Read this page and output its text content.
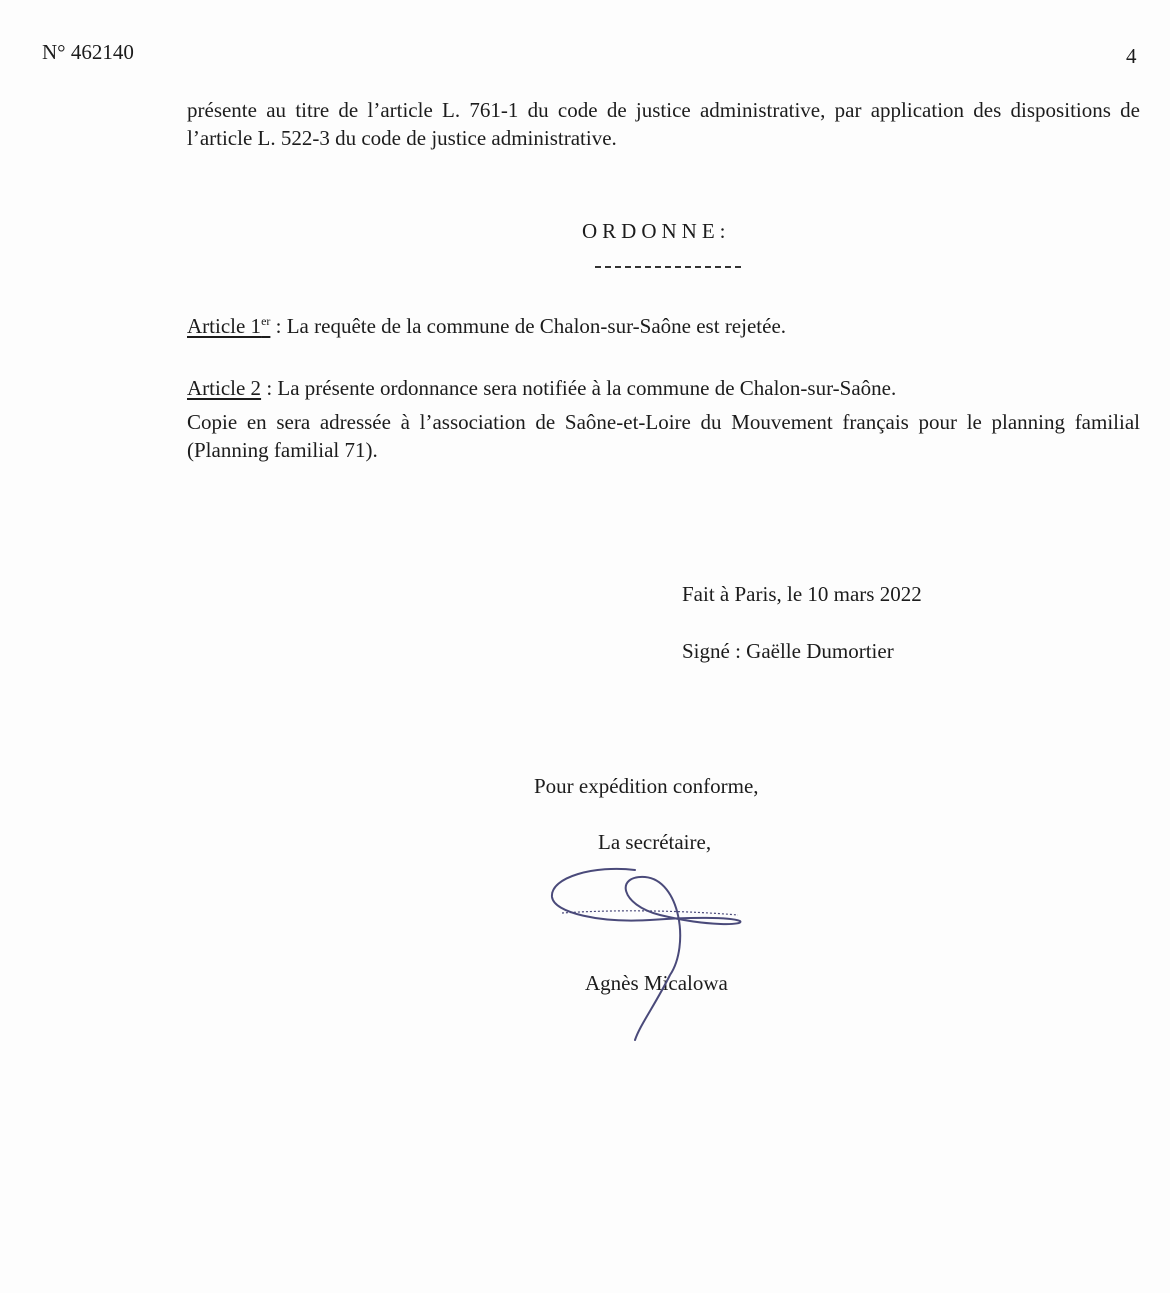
N° 462140	4
présente au titre de l’article L. 761-1 du code de justice administrative, par application des dispositions de l’article L. 522-3 du code de justice administrative.
ORDONNE:
Article 1er : La requête de la commune de Chalon-sur-Saône est rejetée.
Article 2 : La présente ordonnance sera notifiée à la commune de Chalon-sur-Saône.
Copie en sera adressée à l’association de Saône-et-Loire du Mouvement français pour le planning familial (Planning familial 71).
Fait à Paris, le 10 mars 2022
Signé : Gaëlle Dumortier
Pour expédition conforme,
La secrétaire,
Agnès Micalowa
